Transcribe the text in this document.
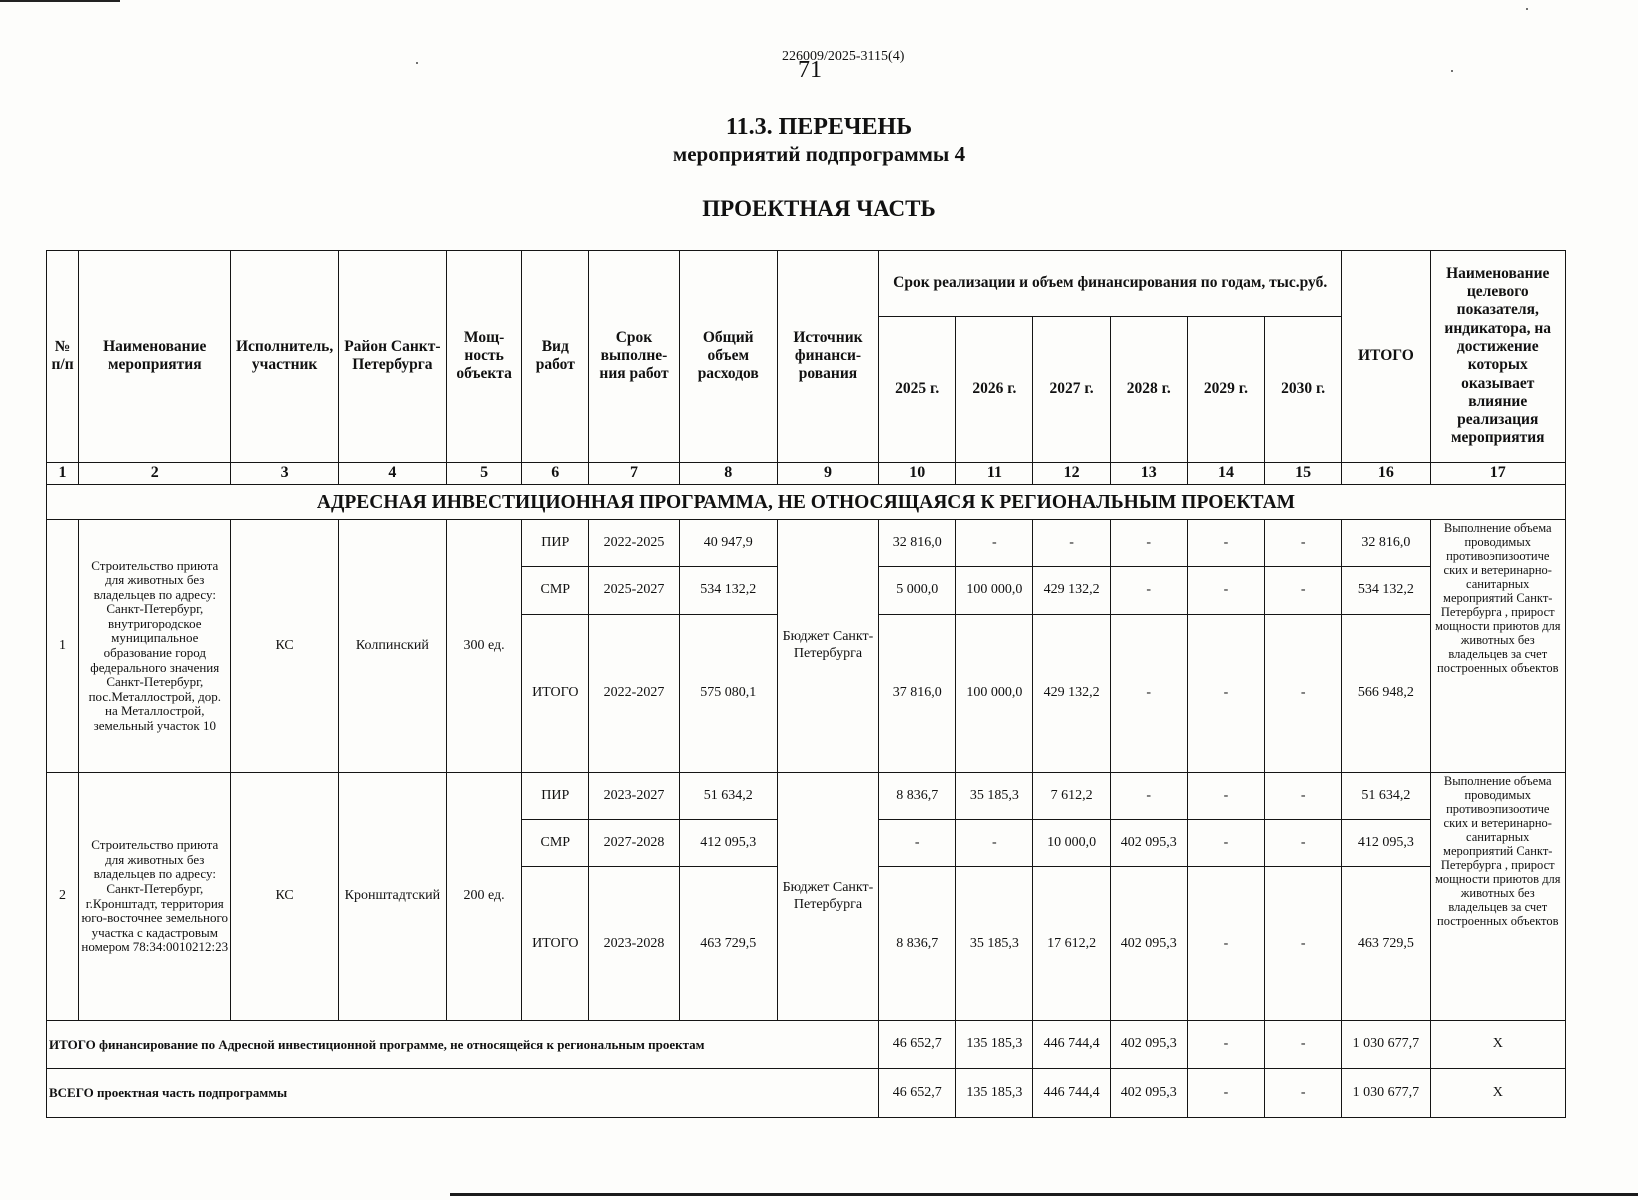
226009/2025-3115(4)
71
11.3. ПЕРЕЧЕНЬ
мероприятий подпрограммы 4
ПРОЕКТНАЯ ЧАСТЬ
№ п/п	Наименование мероприятия	Исполнитель, участник	Район Санкт-Петербурга	Мощ-ность объекта	Вид работ	Срок выполне-ния работ	Общий объем расходов	Источник финанси-рования	Срок реализации и объем финансирования по годам, тыс.руб.						ИТОГО	Наименование целевого показателя, индикатора, на достижение которых оказывает влияние реализация мероприятия
									2025 г.	2026 г.	2027 г.	2028 г.	2029 г.	2030 г.		
1	2	3	4	5	6	7	8	9	10	11	12	13	14	15	16	17
АДРЕСНАЯ ИНВЕСТИЦИОННАЯ ПРОГРАММА, НЕ ОТНОСЯЩАЯСЯ К РЕГИОНАЛЬНЫМ ПРОЕКТАМ																
1	Строительство приюта для животных без владельцев по адресу: Санкт-Петербург, внутригородское муниципальное образование город федерального значения Санкт-Петербург, пос.Металлострой, дор. на Металлострой, земельный участок 10	КС	Колпинский	300 ед.	ПИР	2022-2025	40 947,9	Бюджет Санкт-Петербурга	32 816,0	-	-	-	-	-	32 816,0	Выполнение объема проводимых противоэпизоотиче ских и ветеринарно-санитарных мероприятий Санкт-Петербурга , прирост мощности приютов для животных без владельцев за счет построенных объектов
					СМР	2025-2027	534 132,2		5 000,0	100 000,0	429 132,2	-	-	-	534 132,2	
					ИТОГО	2022-2027	575 080,1		37 816,0	100 000,0	429 132,2	-	-	-	566 948,2	
2	Строительство приюта для животных без владельцев по адресу: Санкт-Петербург, г.Кронштадт, территория юго-восточнее земельного участка с кадастровым номером 78:34:0010212:23	КС	Кронштадтский	200 ед.	ПИР	2023-2027	51 634,2	Бюджет Санкт-Петербурга	8 836,7	35 185,3	7 612,2	-	-	-	51 634,2	Выполнение объема проводимых противоэпизоотиче ских и ветеринарно-санитарных мероприятий Санкт-Петербурга , прирост мощности приютов для животных без владельцев за счет построенных объектов
					СМР	2027-2028	412 095,3		-	-	10 000,0	402 095,3	-	-	412 095,3	
					ИТОГО	2023-2028	463 729,5		8 836,7	35 185,3	17 612,2	402 095,3	-	-	463 729,5	
ИТОГО финансирование по Адресной инвестиционной программе, не относящейся к региональным проектам									46 652,7	135 185,3	446 744,4	402 095,3	-	-	1 030 677,7	Х
ВСЕГО проектная часть подпрограммы									46 652,7	135 185,3	446 744,4	402 095,3	-	-	1 030 677,7	Х
